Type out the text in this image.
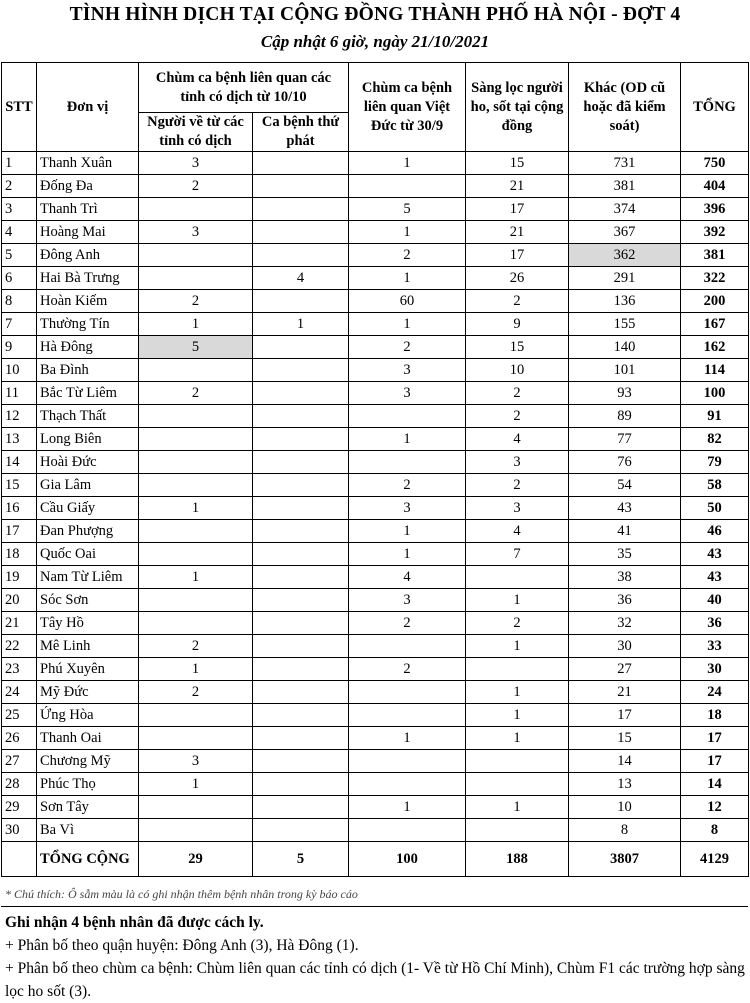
TÌNH HÌNH DỊCH TẠI CỘNG ĐỒNG THÀNH PHỐ HÀ NỘI - ĐỢT 4
Cập nhật 6 giờ, ngày 21/10/2021
STT	Đơn vị	Chùm ca bệnh liên quan các tỉnh có dịch từ 10/10		Chùm ca bệnh liên quan Việt Đức từ 30/9	Sàng lọc người ho, sốt tại cộng đồng	Khác (OD cũ hoặc đã kiểm soát)	TỔNG
		Người về từ các tỉnh có dịch	Ca bệnh thứ phát				
1	Thanh Xuân	3		1	15	731	750
2	Đống Đa	2			21	381	404
3	Thanh Trì			5	17	374	396
4	Hoàng Mai	3		1	21	367	392
5	Đông Anh			2	17	362	381
6	Hai Bà Trưng		4	1	26	291	322
8	Hoàn Kiếm	2		60	2	136	200
7	Thường Tín	1	1	1	9	155	167
9	Hà Đông	5		2	15	140	162
10	Ba Đình			3	10	101	114
11	Bắc Từ Liêm	2		3	2	93	100
12	Thạch Thất				2	89	91
13	Long Biên			1	4	77	82
14	Hoài Đức				3	76	79
15	Gia Lâm			2	2	54	58
16	Cầu Giấy	1		3	3	43	50
17	Đan Phượng			1	4	41	46
18	Quốc Oai			1	7	35	43
19	Nam Từ Liêm	1		4		38	43
20	Sóc Sơn			3	1	36	40
21	Tây Hồ			2	2	32	36
22	Mê Linh	2			1	30	33
23	Phú Xuyên	1		2		27	30
24	Mỹ Đức	2			1	21	24
25	Ứng Hòa				1	17	18
26	Thanh Oai			1	1	15	17
27	Chương Mỹ	3				14	17
28	Phúc Thọ	1				13	14
29	Sơn Tây			1	1	10	12
30	Ba Vì					8	8
	TỔNG CỘNG	29	5	100	188	3807	4129
* Chú thích: Ô sẫm màu là có ghi nhận thêm bệnh nhân trong kỳ báo cáo
Ghi nhận 4 bệnh nhân đã được cách ly.
+ Phân bố theo quận huyện: Đông Anh (3), Hà Đông (1).
+ Phân bố theo chùm ca bệnh: Chùm liên quan các tỉnh có dịch (1- Về từ Hồ Chí Minh), Chùm F1 các trường hợp sàng lọc ho sốt (3).
